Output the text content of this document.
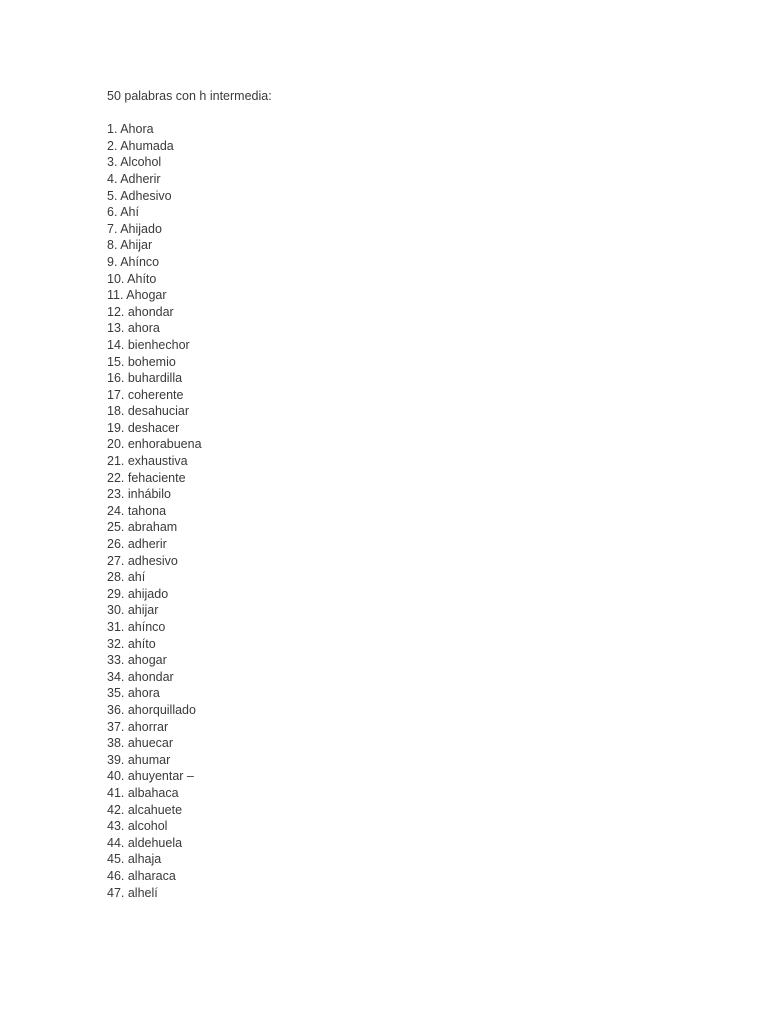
50 palabras con h intermedia:

1. Ahora
2. Ahumada
3. Alcohol
4. Adherir
5. Adhesivo
6. Ahí
7. Ahijado
8. Ahijar
9. Ahínco
10. Ahíto
11. Ahogar
12. ahondar
13. ahora
14. bienhechor
15. bohemio
16. buhardilla
17. coherente
18. desahuciar
19. deshacer
20. enhorabuena
21. exhaustiva
22. fehaciente
23. inhábilo
24. tahona
25. abraham
26. adherir
27. adhesivo
28. ahí
29. ahijado
30. ahijar
31. ahínco
32. ahíto
33. ahogar
34. ahondar
35. ahora
36. ahorquillado
37. ahorrar
38. ahuecar
39. ahumar
40. ahuyentar –
41. albahaca
42. alcahuete
43. alcohol
44. aldehuela
45. alhaja
46. alharaca
47. alhelí
